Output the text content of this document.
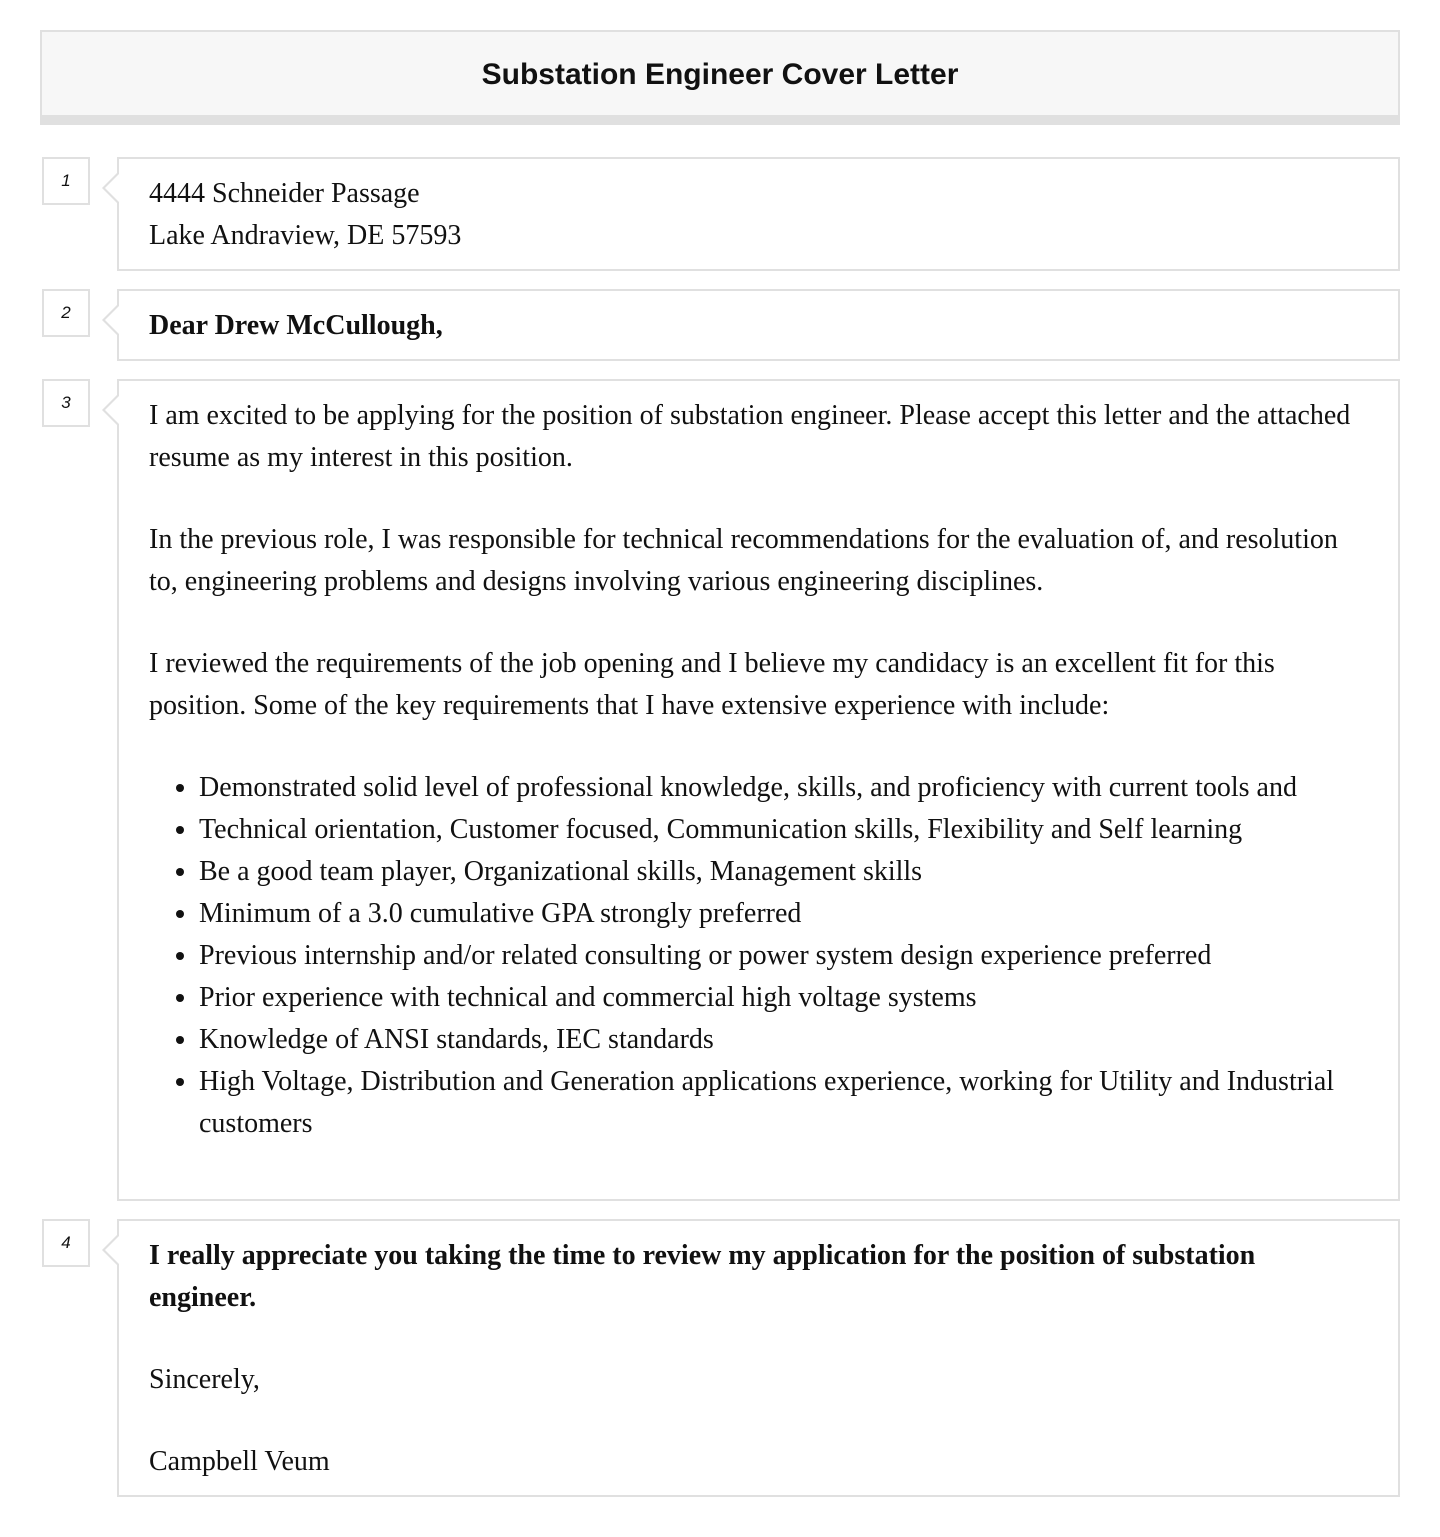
Substation Engineer Cover Letter
1	4444 Schneider Passage

Lake Andraview, DE 57593

2	Dear Drew McCullough,

3	I am excited to be applying for the position of substation engineer. Please accept this letter and the attached resume as my interest in this position.

In the previous role, I was responsible for technical recommendations for the evaluation of, and resolution to, engineering problems and designs involving various engineering disciplines.

I reviewed the requirements of the job opening and I believe my candidacy is an excellent fit for this position. Some of the key requirements that I have extensive experience with include:

• Demonstrated solid level of professional knowledge, skills, and proficiency with current tools and
• Technical orientation, Customer focused, Communication skills, Flexibility and Self learning
• Be a good team player, Organizational skills, Management skills
• Minimum of a 3.0 cumulative GPA strongly preferred
• Previous internship and/or related consulting or power system design experience preferred
• Prior experience with technical and commercial high voltage systems
• Knowledge of ANSI standards, IEC standards
• High Voltage, Distribution and Generation applications experience, working for Utility and Industrial customers
4	I really appreciate you taking the time to review my application for the position of substation engineer.

Sincerely,

Campbell Veum
